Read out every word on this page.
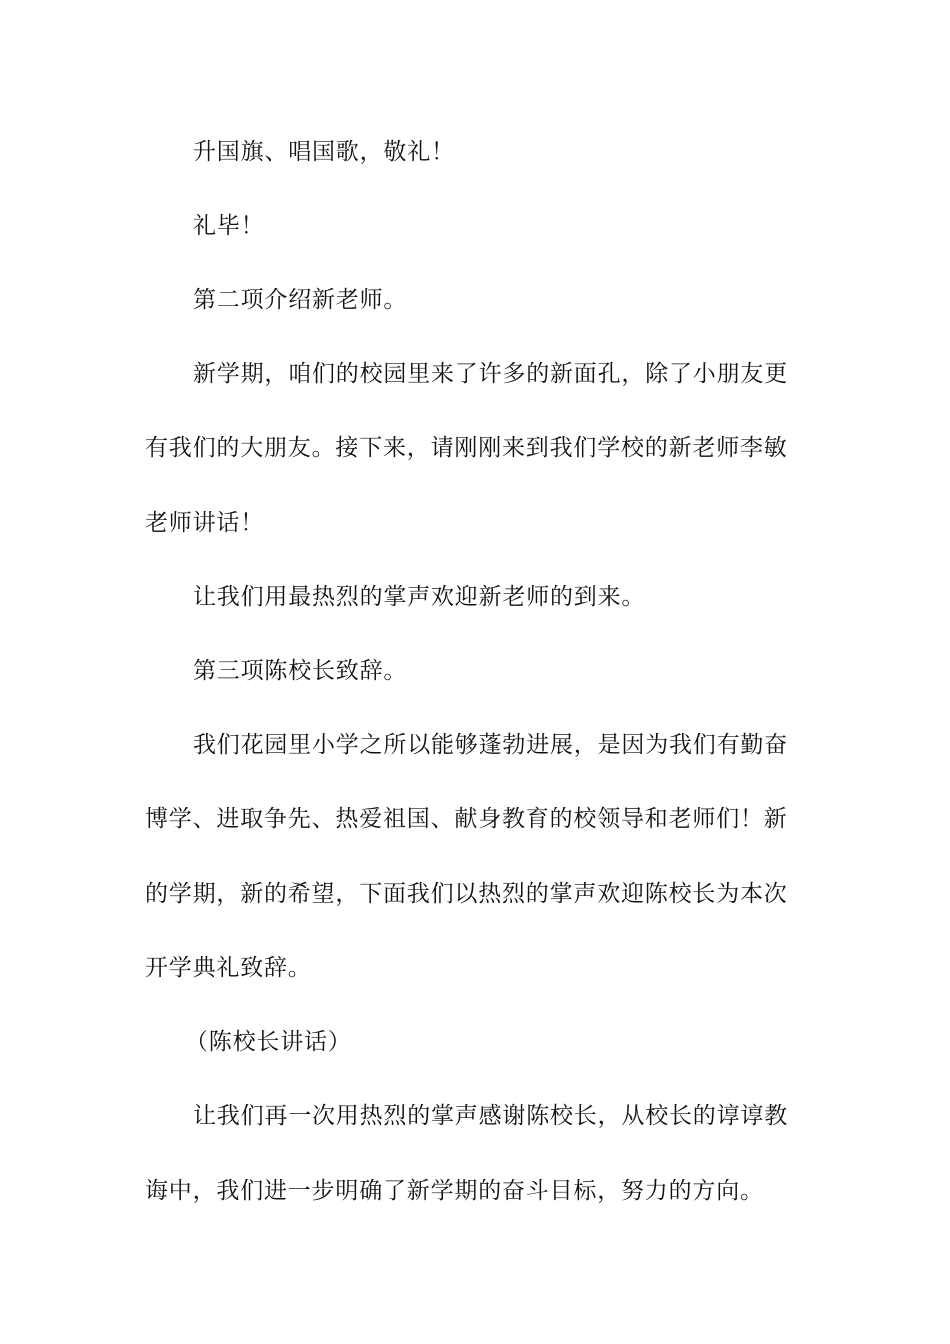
升国旗、唱国歌，敬礼！
礼毕！
第二项介绍新老师。
新学期，咱们的校园里来了许多的新面孔，除了小朋友更
有我们的大朋友。接下来，请刚刚来到我们学校的新老师李敏
老师讲话！
让我们用最热烈的掌声欢迎新老师的到来。
第三项陈校长致辞。
我们花园里小学之所以能够蓬勃进展，是因为我们有勤奋
博学、进取争先、热爱祖国、献身教育的校领导和老师们！新
的学期，新的希望，下面我们以热烈的掌声欢迎陈校长为本次
开学典礼致辞。
（陈校长讲话）
让我们再一次用热烈的掌声感谢陈校长，从校长的谆谆教
诲中，我们进一步明确了新学期的奋斗目标，努力的方向。
